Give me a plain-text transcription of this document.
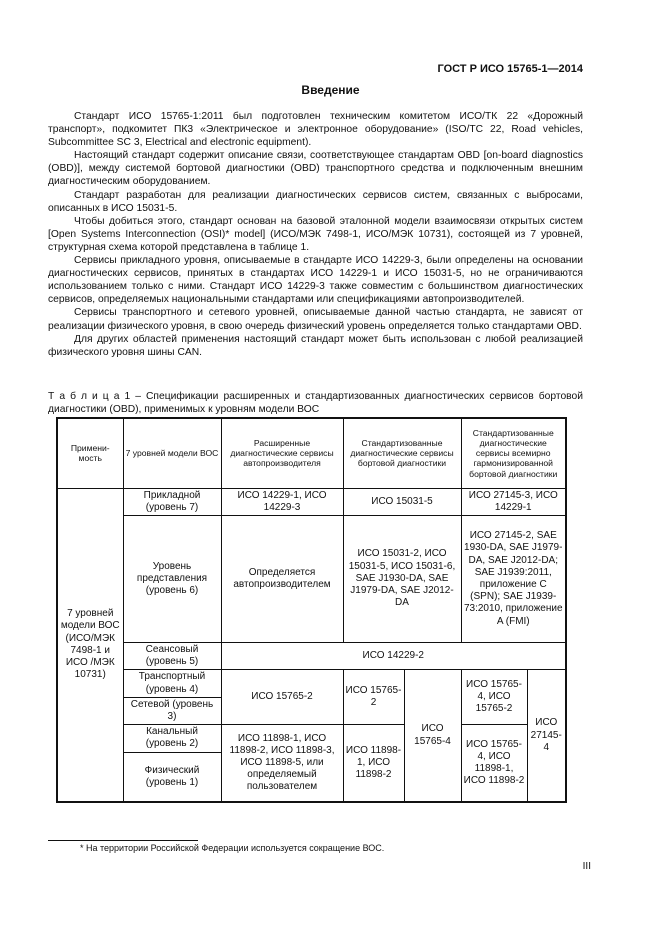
ГОСТ Р ИСО 15765-1—2014
Введение

Стандарт ИСО 15765-1:2011 был подготовлен техническим комитетом ИСО/ТК 22 «Дорожный транспорт», подкомитет ПК3 «Электрическое и электронное оборудование» (ISO/TC 22, Road vehicles, Subcommittee SC 3, Electrical and electronic equipment).

Настоящий стандарт содержит описание связи, соответствующее стандартам OBD [on-board diagnostics (OBD)], между системой бортовой диагностики (OBD) транспортного средства и подключенным внешним диагностическим оборудованием.

Стандарт разработан для реализации диагностических сервисов систем, связанных с выбросами, описанных в ИСО 15031-5.

Чтобы добиться этого, стандарт основан на базовой эталонной модели взаимосвязи открытых систем [Open Systems Interconnection (OSI)* model] (ИСО/МЭК 7498-1, ИСО/МЭК 10731), состоящей из 7 уровней, структурная схема которой представлена в таблице 1.

Сервисы прикладного уровня, описываемые в стандарте ИСО 14229-3, были определены на основании диагностических сервисов, принятых в стандартах ИСО 14229-1 и ИСО 15031-5, но не ограничиваются использованием только с ними. Стандарт ИСО 14229-3 также совместим с большинством диагностических сервисов, определяемых национальными стандартами или спецификациями автопроизводителей.

Сервисы транспортного и сетевого уровней, описываемые данной частью стандарта, не зависят от реализации физического уровня, в свою очередь физический уровень определяется только стандартами OBD.

Для других областей применения настоящий стандарт может быть использован с любой реализацией физического уровня шины CAN.

Т а б л и ц а 1 – Спецификации расширенных и стандартизованных диагностических сервисов бортовой диагностики (OBD), применимых к уровням модели ВОС
Примени-мость	7 уровней модели ВОС	Расширенные диагностические сервисы автопроизводителя	Стандартизованные диагностические сервисы бортовой диагностики		Стандартизованные диагностические сервисы всемирно гармонизированной бортовой диагностики	
7 уровней модели ВОС (ИСО/МЭК 7498-1 и ИСО /МЭК 10731)	Прикладной (уровень 7)	ИСО 14229-1, ИСО 14229-3	ИСО 15031-5		ИСО 27145-3, ИСО 14229-1	
	Уровень представления (уровень 6)	Определяется автопроизводителем	ИСО 15031-2, ИСО 15031-5, ИСО 15031-6, SAE J1930-DA, SAE J1979-DA, SAE J2012-DA		ИСО 27145-2, SAE 1930-DA, SAE J1979-DA, SAE J2012-DA; SAE J1939:2011, приложение C (SPN); SAE J1939-73:2010, приложение A (FMI)	
	Сеансовый (уровень 5)	ИСО 14229-2				
	Транспортный (уровень 4)	ИСО 15765-2	ИСО 15765-2	ИСО 15765-4	ИСО 15765-4, ИСО 15765-2	ИСО 27145-4
	Сетевой (уровень 3)					
	Канальный (уровень 2)	ИСО 11898-1, ИСО 11898-2, ИСО 11898-3, ИСО 11898-5, или определяемый пользователем	ИСО 11898-1, ИСО 11898-2		ИСО 15765-4, ИСО 11898-1, ИСО 11898-2	
	Физический (уровень 1)					
* На территории Российской Федерации используется сокращение ВОС.
III
